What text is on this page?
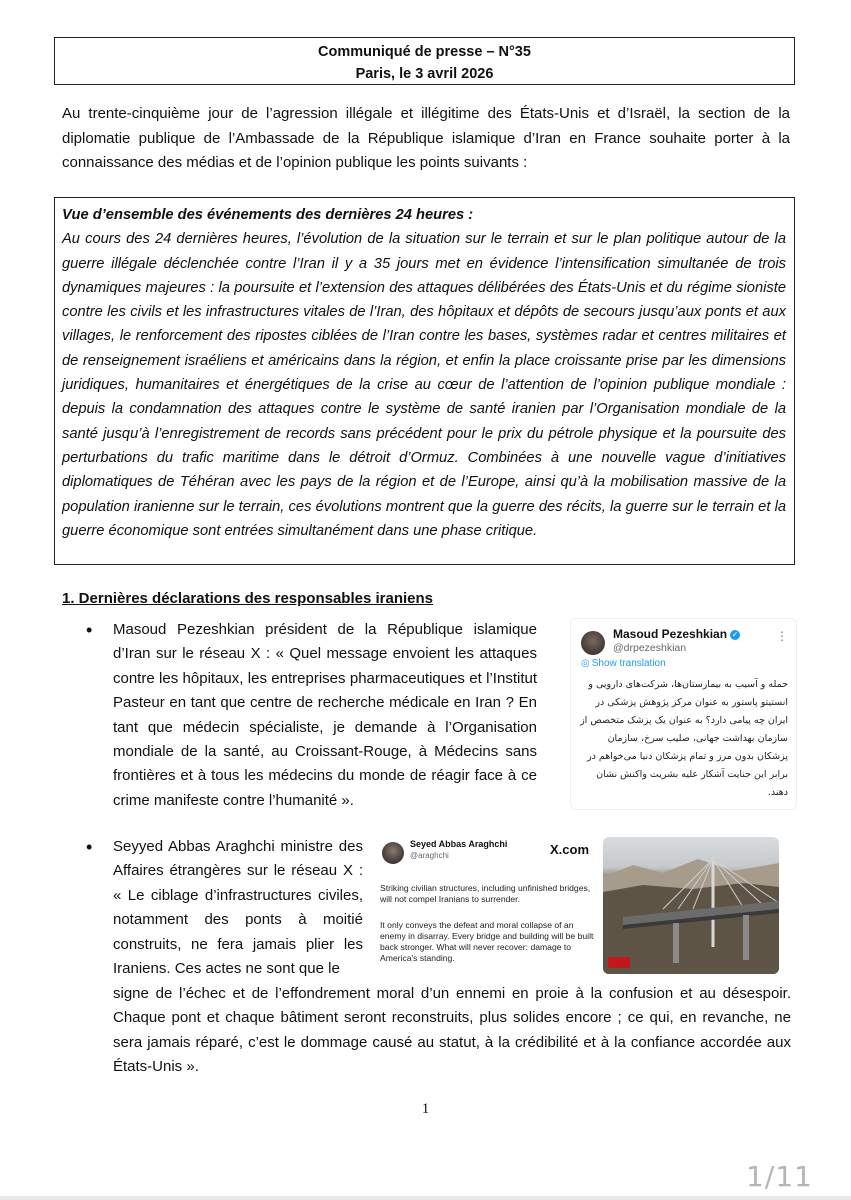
Communiqué de presse – N°35
Paris, le 3 avril 2026
Au trente-cinquième jour de l’agression illégale et illégitime des États-Unis et d’Israël, la section de la diplomatie publique de l’Ambassade de la République islamique d’Iran en France souhaite porter à la connaissance des médias et de l’opinion publique les points suivants :
Vue d’ensemble des événements des dernières 24 heures :
Au cours des 24 dernières heures, l’évolution de la situation sur le terrain et sur le plan politique autour de la guerre illégale déclenchée contre l’Iran il y a 35 jours met en évidence l’intensification simultanée de trois dynamiques majeures : la poursuite et l’extension des attaques délibérées des États-Unis et du régime sioniste contre les civils et les infrastructures vitales de l’Iran, des hôpitaux et dépôts de secours jusqu’aux ponts et aux villages, le renforcement des ripostes ciblées de l’Iran contre les bases, systèmes radar et centres militaires et de renseignement israéliens et américains dans la région, et enfin la place croissante prise par les dimensions juridiques, humanitaires et énergétiques de la crise au cœur de l’attention de l’opinion publique mondiale : depuis la condamnation des attaques contre le système de santé iranien par l’Organisation mondiale de la santé jusqu’à l’enregistrement de records sans précédent pour le prix du pétrole physique et la poursuite des perturbations du trafic maritime dans le détroit d’Ormuz. Combinées à une nouvelle vague d’initiatives diplomatiques de Téhéran avec les pays de la région et de l’Europe, ainsi qu’à la mobilisation massive de la population iranienne sur le terrain, ces évolutions montrent que la guerre des récits, la guerre sur le terrain et la guerre économique sont entrées simultanément dans une phase critique.
1. Dernières déclarations des responsables iraniens
• Masoud Pezeshkian président de la République islamique d’Iran sur le réseau X : « Quel message envoient les attaques contre les hôpitaux, les entreprises pharmaceutiques et l’Institut Pasteur en tant que centre de recherche médicale en Iran ? En tant que médecin spécialiste, je demande à l’Organisation mondiale de la santé, au Croissant-Rouge, à Médecins sans frontières et à tous les médecins du monde de réagir face à ce crime manifeste contre l’humanité ».
Masoud Pezeshkian ✓
@drpezeshkian
⋮
◎ Show translation
حمله و آسیب به بیمارستان‌ها، شرکت‌های دارویی و انستیتو پاستور به عنوان مرکز پژوهش پزشکی در ایران چه پیامی دارد؟ به عنوان یک پزشک متخصص از سازمان بهداشت جهانی، صلیب سرخ، سازمان پزشکان بدون مرز و تمام پزشکان دنیا می‌خواهم در برابر این جنایت آشکار علیه بشریت واکنش نشان دهند.
• Seyyed Abbas Araghchi ministre des Affaires étrangères sur le réseau X : « Le ciblage d’infrastructures civiles, notamment des ponts à moitié construits, ne fera jamais plier les Iraniens. Ces actes ne sont que le
Seyed Abbas Araghchi
@araghchi	X.com
Striking civilian structures, including unfinished bridges, will not compel Iranians to surrender.
It only conveys the defeat and moral collapse of an enemy in disarray. Every bridge and building will be built back stronger. What will never recover: damage to America's standing.
signe de l’échec et de l’effondrement moral d’un ennemi en proie à la confusion et au désespoir. Chaque pont et chaque bâtiment seront reconstruits, plus solides encore ; ce qui, en revanche, ne sera jamais réparé, c’est le dommage causé au statut, à la crédibilité et à la confiance accordée aux États-Unis ».
1
1/11
